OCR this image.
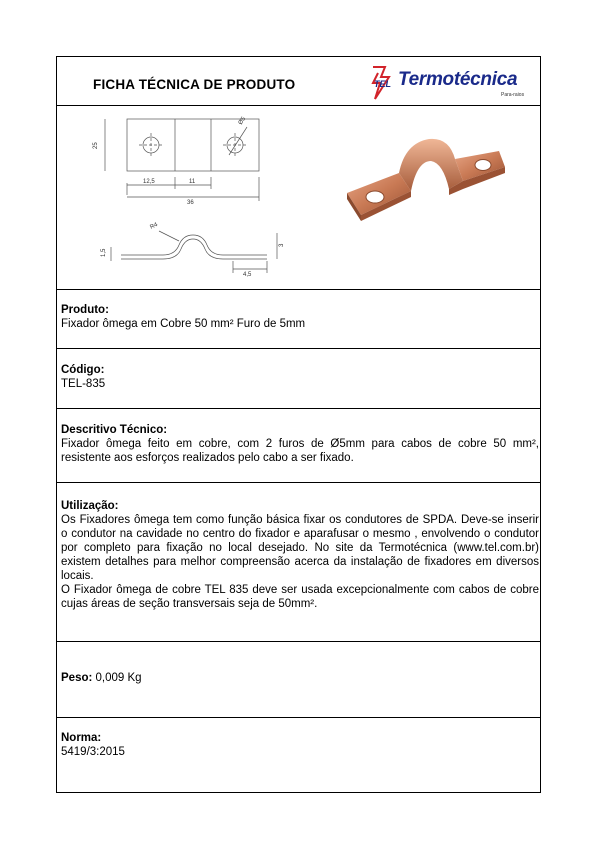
FICHA TÉCNICA DE PRODUTO	TEL Termotécnica
Para-raios
25
Ø5
12,5	11
36
R4
1,5
3
4,5
Produto:
Fixador ômega em Cobre 50 mm² Furo de 5mm
Código:
TEL-835
Descritivo Técnico:
Fixador ômega feito em cobre, com 2 furos de Ø5mm para cabos de cobre 50 mm², resistente aos esforços realizados pelo cabo a ser fixado.
Utilização:
Os Fixadores ômega tem como função básica fixar os condutores de SPDA. Deve-se inserir o condutor na cavidade no centro do fixador e aparafusar o mesmo , envolvendo o condutor por completo para fixação no local desejado. No site da Termotécnica (www.tel.com.br) existem detalhes para melhor compreensão acerca da instalação de fixadores em diversos locais.
O Fixador ômega de cobre TEL 835 deve ser usada excepcionalmente com cabos de cobre cujas áreas de seção transversais seja de 50mm².
Peso: 0,009 Kg
Norma:
5419/3:2015
